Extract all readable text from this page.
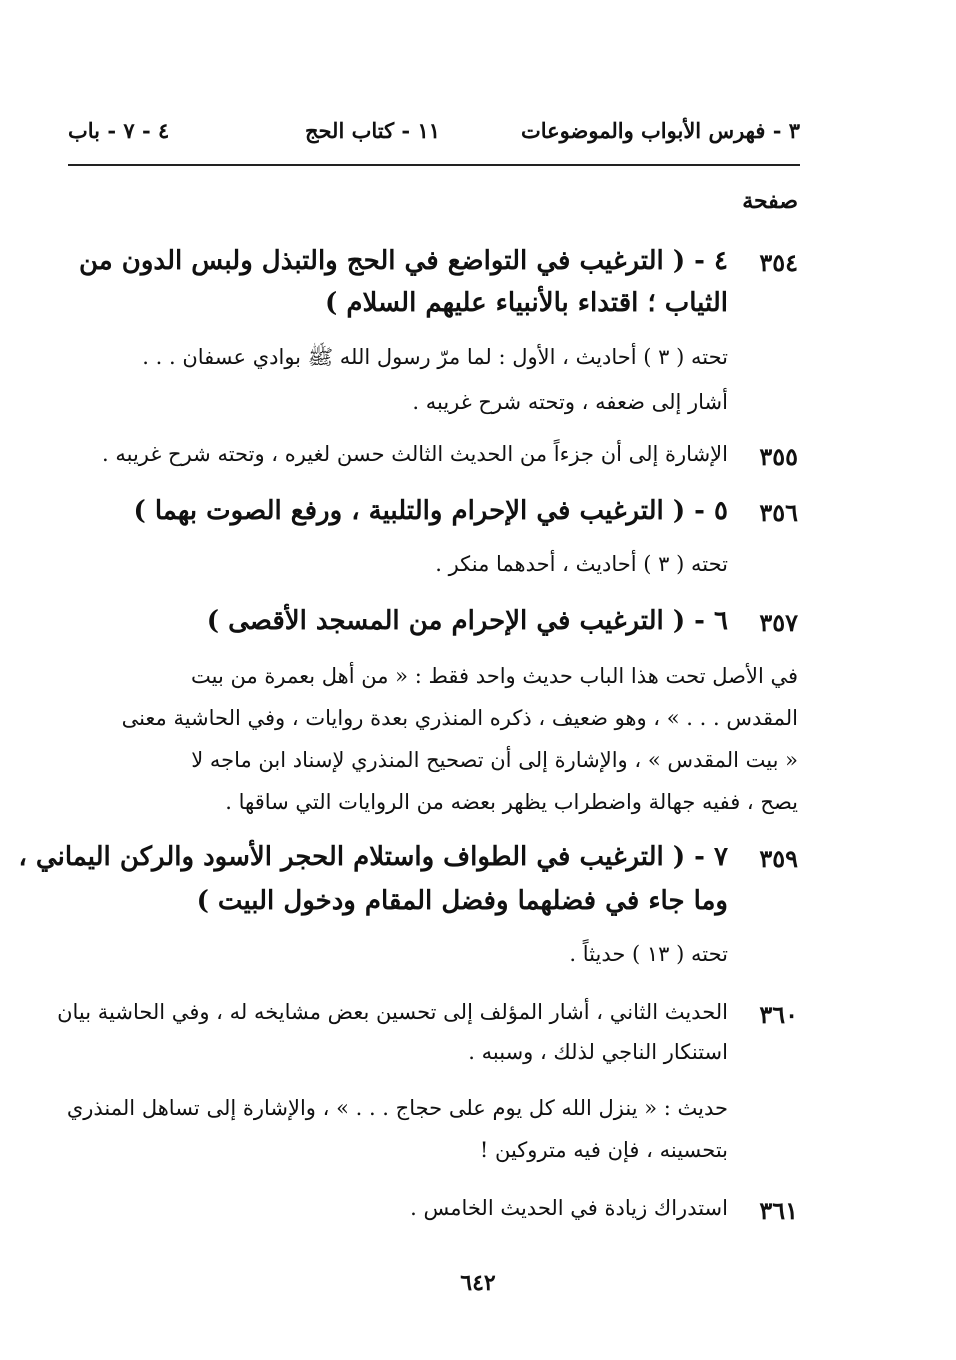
٣ - فهرس الأبواب والموضوعات
١١ - كتاب الحج
٤ - ٧ - باب
صفحة
٣٥٤
٤ - ( الترغيب في التواضع في الحج والتبذل ولبس الدون من
الثياب ؛ اقتداء بالأنبياء عليهم السلام )
تحته ( ٣ ) أحاديث ، الأول : لما مرّ رسول الله ﷺ بوادي عسفان . . .
أشار إلى ضعفه ، وتحته شرح غريبه .
٣٥٥
الإشارة إلى أن جزءاً من الحديث الثالث حسن لغيره ، وتحته شرح غريبه .
٣٥٦
٥ - ( الترغيب في الإحرام والتلبية ، ورفع الصوت بهما )
تحته ( ٣ ) أحاديث ، أحدهما منكر .
٣٥٧
٦ - ( الترغيب في الإحرام من المسجد الأقصى )
في الأصل تحت هذا الباب حديث واحد فقط : « من أهل بعمرة من بيت
المقدس . . . » ، وهو ضعيف ، ذكره المنذري بعدة روايات ، وفي الحاشية معنى
« بيت المقدس » ، والإشارة إلى أن تصحيح المنذري لإسناد ابن ماجه لا
يصح ، ففيه جهالة واضطراب يظهر بعضه من الروايات التي ساقها .
٣٥٩
٧ - ( الترغيب في الطواف واستلام الحجر الأسود والركن اليماني ،
وما جاء في فضلهما وفضل المقام ودخول البيت )
تحته ( ١٣ ) حديثاً .
٣٦٠
الحديث الثاني ، أشار المؤلف إلى تحسين بعض مشايخه له ، وفي الحاشية بيان
استنكار الناجي لذلك ، وسببه .
حديث : « ينزل الله كل يوم على حجاج . . . » ، والإشارة إلى تساهل المنذري
بتحسينه ، فإن فيه متروكين !
٣٦١
استدراك زيادة في الحديث الخامس .
٦٤٢
